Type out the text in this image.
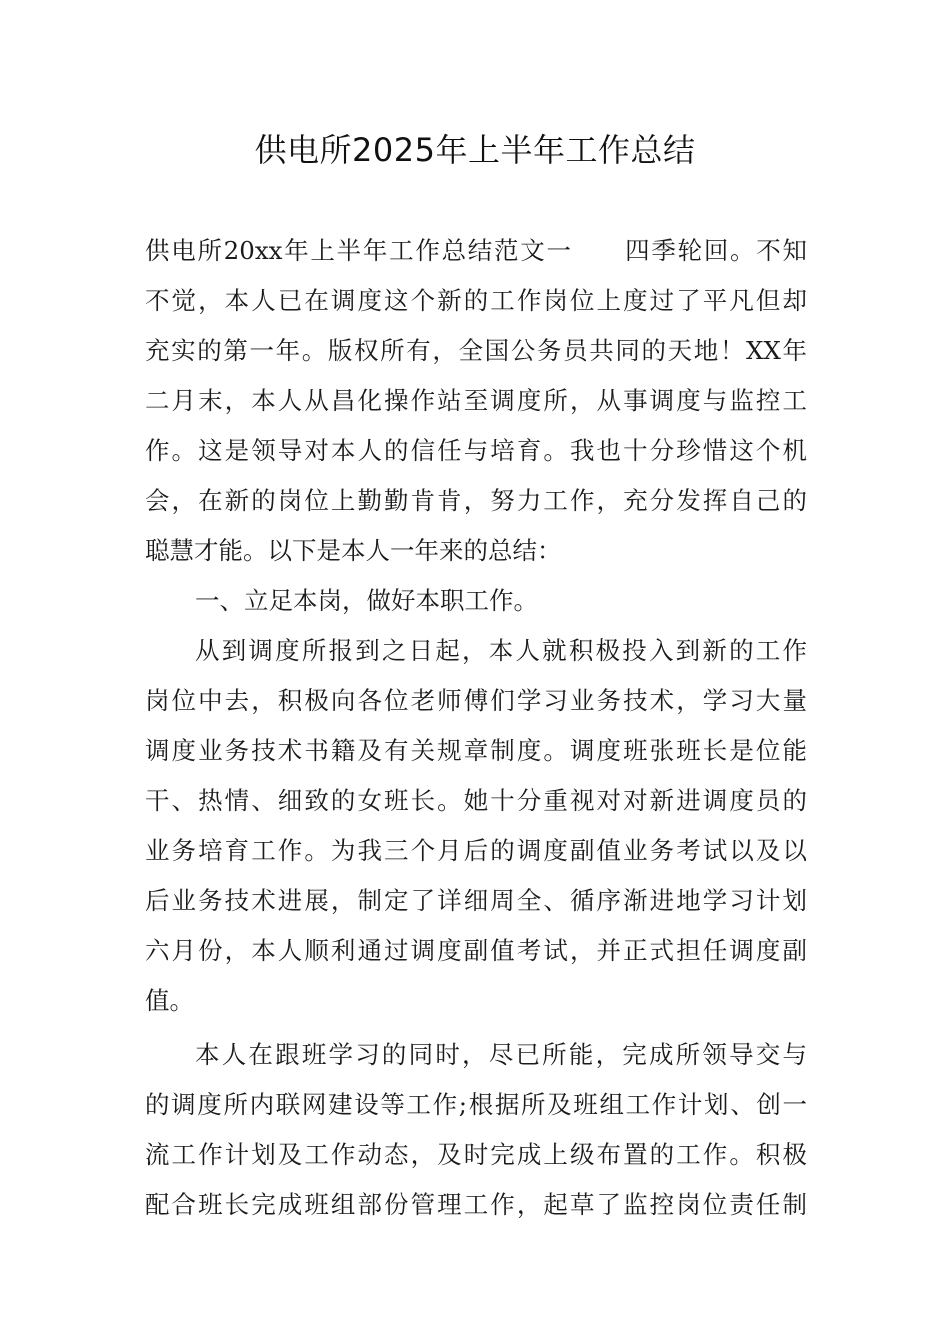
供电所2025年上半年工作总结
供电所20xx年上半年工作总结范文一　　四季轮回。不知
不觉，本人已在调度这个新的工作岗位上度过了平凡但却
充实的第一年。版权所有，全国公务员共同的天地！XX年
二月末，本人从昌化操作站至调度所，从事调度与监控工
作。这是领导对本人的信任与培育。我也十分珍惜这个机
会，在新的岗位上勤勤肯肯，努力工作，充分发挥自己的
聪慧才能。以下是本人一年来的总结：
一、立足本岗，做好本职工作。
从到调度所报到之日起，本人就积极投入到新的工作
岗位中去，积极向各位老师傅们学习业务技术，学习大量
调度业务技术书籍及有关规章制度。调度班张班长是位能
干、热情、细致的女班长。她十分重视对对新进调度员的
业务培育工作。为我三个月后的调度副值业务考试以及以
后业务技术进展，制定了详细周全、循序渐进地学习计划
六月份，本人顺利通过调度副值考试，并正式担任调度副
值。
本人在跟班学习的同时，尽已所能，完成所领导交与
的调度所内联网建设等工作;根据所及班组工作计划、创一
流工作计划及工作动态，及时完成上级布置的工作。积极
配合班长完成班组部份管理工作，起草了监控岗位责任制
